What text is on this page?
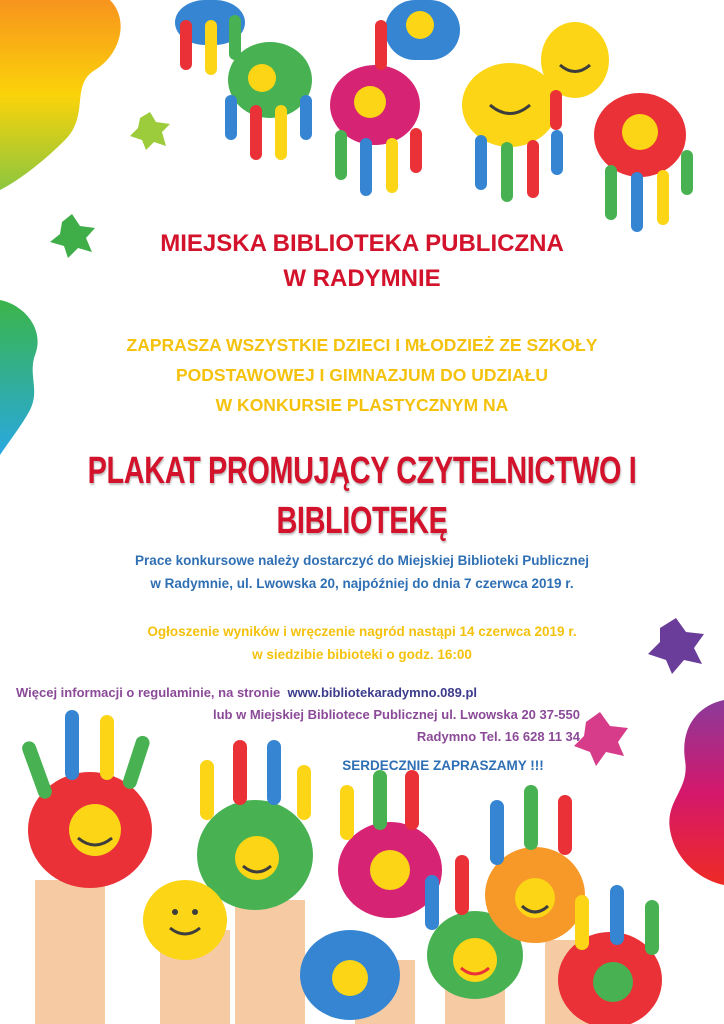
MIEJSKA BIBLIOTEKA PUBLICZNA
W RADYMNIE

ZAPRASZA WSZYSTKIE DZIECI I MŁODZIEŻ ZE SZKOŁY
PODSTAWOWEJ I GIMNAZJUM DO UDZIAŁU
W KONKURSIE PLASTYCZNYM NA

PLAKAT PROMUJĄCY CZYTELNICTWO I BIBLIOTEKĘ

Prace konkursowe należy dostarczyć do Miejskiej Biblioteki Publicznej
w Radymnie, ul. Lwowska 20, najpóźniej do dnia 7 czerwca 2019 r.

Ogłoszenie wyników i wręczenie nagród nastąpi 14 czerwca 2019 r.
w siedzibie bibioteki o godz. 16:00

Więcej informacji o regulaminie, na stronie www.bibliotekaradymno.089.pl

lub w Miejskiej Bibliotece Publicznej ul. Lwowska 20 37-550

Radymno Tel. 16 628 11 34

SERDECZNIE ZAPRASZAMY !!!
